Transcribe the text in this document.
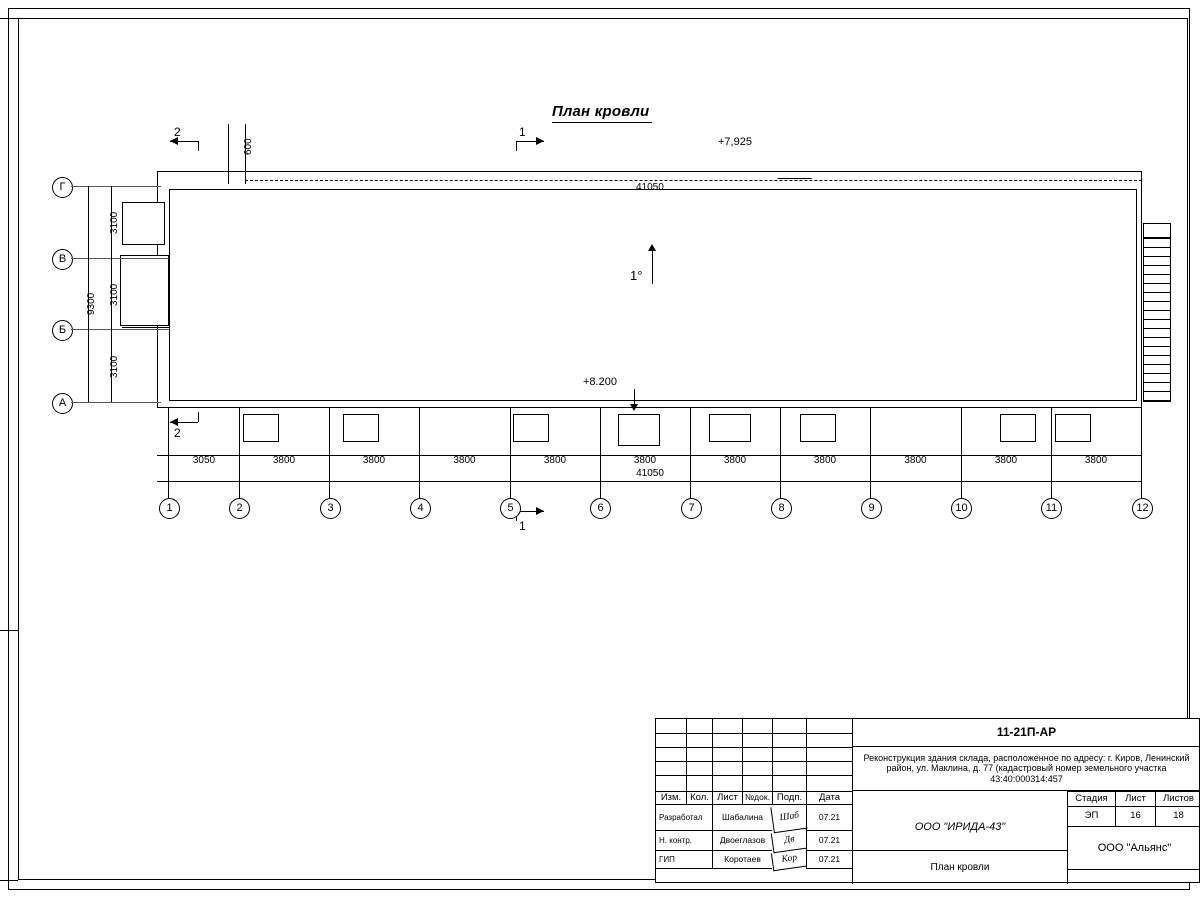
План кровли
41050
1°
+7,925
+8.200
2	1
2
1
600
Г
В
Б
А
3100
3100
3100
9300
1	2	3	4	5	6	7	8	9	10	11	12
3050	3800	3800	3800	3800	3800	3800	3800	3800	3800	3800
41050
11-21П-АР
Реконструкция здания склада, расположенное по адресу: г. Киров, Ленинский район, ул. Маклина, д. 77 (кадастровый номер земельного участка 43:40:000314:457
Изм. Кол. Лист №док. Подп.	Дата	Стадия	Лист	Листов
ЭП	16	18
Разработал	Шабалина	Шаб	07.21
Н. контр.	Двоеглазов	Дв	07.21
ГИП	Коротаев	Кор	07.21
ООО "ИРИДА-43"
План кровли
ООО "Альянс"
